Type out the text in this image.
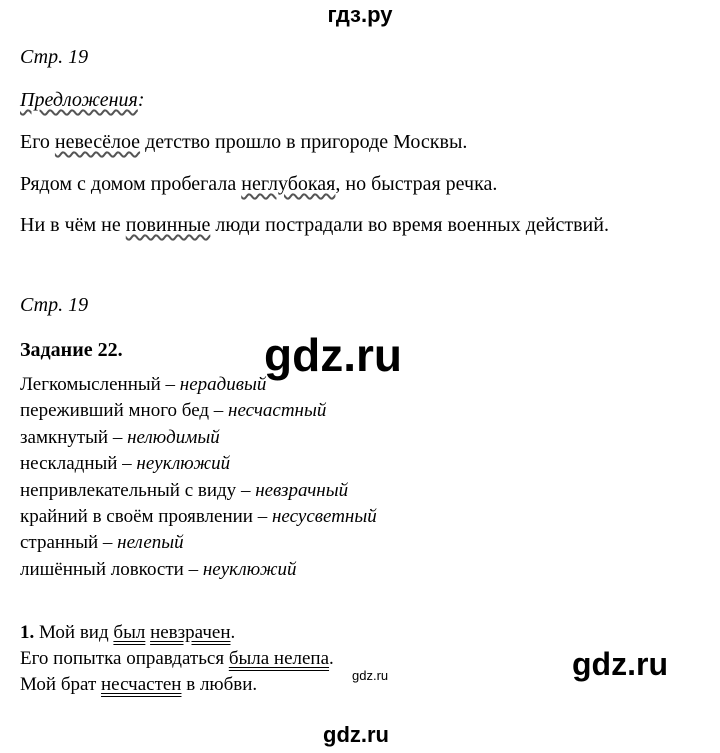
гдз.ру
gdz.ru
gdz.ru
gdz.ru
gdz.ru
Стр. 19
Предложения:
Его невесёлое детство прошло в пригороде Москвы.
Рядом с домом пробегала неглубокая, но быстрая речка.
Ни в чём не повинные люди пострадали во время военных действий.
Стр. 19
Задание 22.
Легкомысленный – нерадивый
переживший много бед – несчастный
замкнутый – нелюдимый
нескладный – неуклюжий
непривлекательный с виду – невзрачный
крайний в своём проявлении – несусветный
странный – нелепый
лишённый ловкости – неуклюжий
1. Мой вид был невзрачен.
Его попытка оправдаться была нелепа.
Мой брат несчастен в любви.
